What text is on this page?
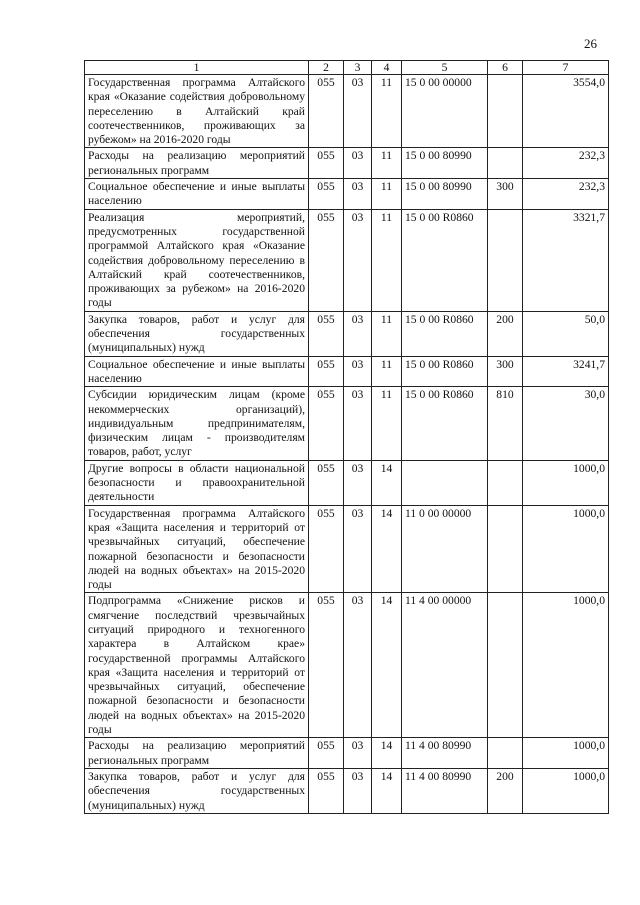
26
1	2	3	4	5	6	7
Государственная программа Алтайского края «Оказание содействия добровольному переселению в Алтайский край соотечественников, проживающих за рубежом» на 2016-2020 годы	055	03	11	15 0 00 00000		3554,0
Расходы на реализацию мероприятий региональных программ	055	03	11	15 0 00 80990		232,3
Социальное обеспечение и иные выплаты населению	055	03	11	15 0 00 80990	300	232,3
Реализация мероприятий, предусмотренных государственной программой Алтайского края «Оказание содействия добровольному переселению в Алтайский край соотечественников, проживающих за рубежом» на 2016-2020 годы	055	03	11	15 0 00 R0860		3321,7
Закупка товаров, работ и услуг для обеспечения государственных (муниципальных) нужд	055	03	11	15 0 00 R0860	200	50,0
Социальное обеспечение и иные выплаты населению	055	03	11	15 0 00 R0860	300	3241,7
Субсидии юридическим лицам (кроме некоммерческих организаций), индивидуальным предпринимателям, физическим лицам - производителям товаров, работ, услуг	055	03	11	15 0 00 R0860	810	30,0
Другие вопросы в области национальной безопасности и правоохранительной деятельности	055	03	14			1000,0
Государственная программа Алтайского края «Защита населения и территорий от чрезвычайных ситуаций, обеспечение пожарной безопасности и безопасности людей на водных объектах» на 2015-2020 годы	055	03	14	11 0 00 00000		1000,0
Подпрограмма «Снижение рисков и смягчение последствий чрезвычайных ситуаций природного и техногенного характера в Алтайском крае» государственной программы Алтайского края «Защита населения и территорий от чрезвычайных ситуаций, обеспечение пожарной безопасности и безопасности людей на водных объектах» на 2015-2020 годы	055	03	14	11 4 00 00000		1000,0
Расходы на реализацию мероприятий региональных программ	055	03	14	11 4 00 80990		1000,0
Закупка товаров, работ и услуг для обеспечения государственных (муниципальных) нужд	055	03	14	11 4 00 80990	200	1000,0
